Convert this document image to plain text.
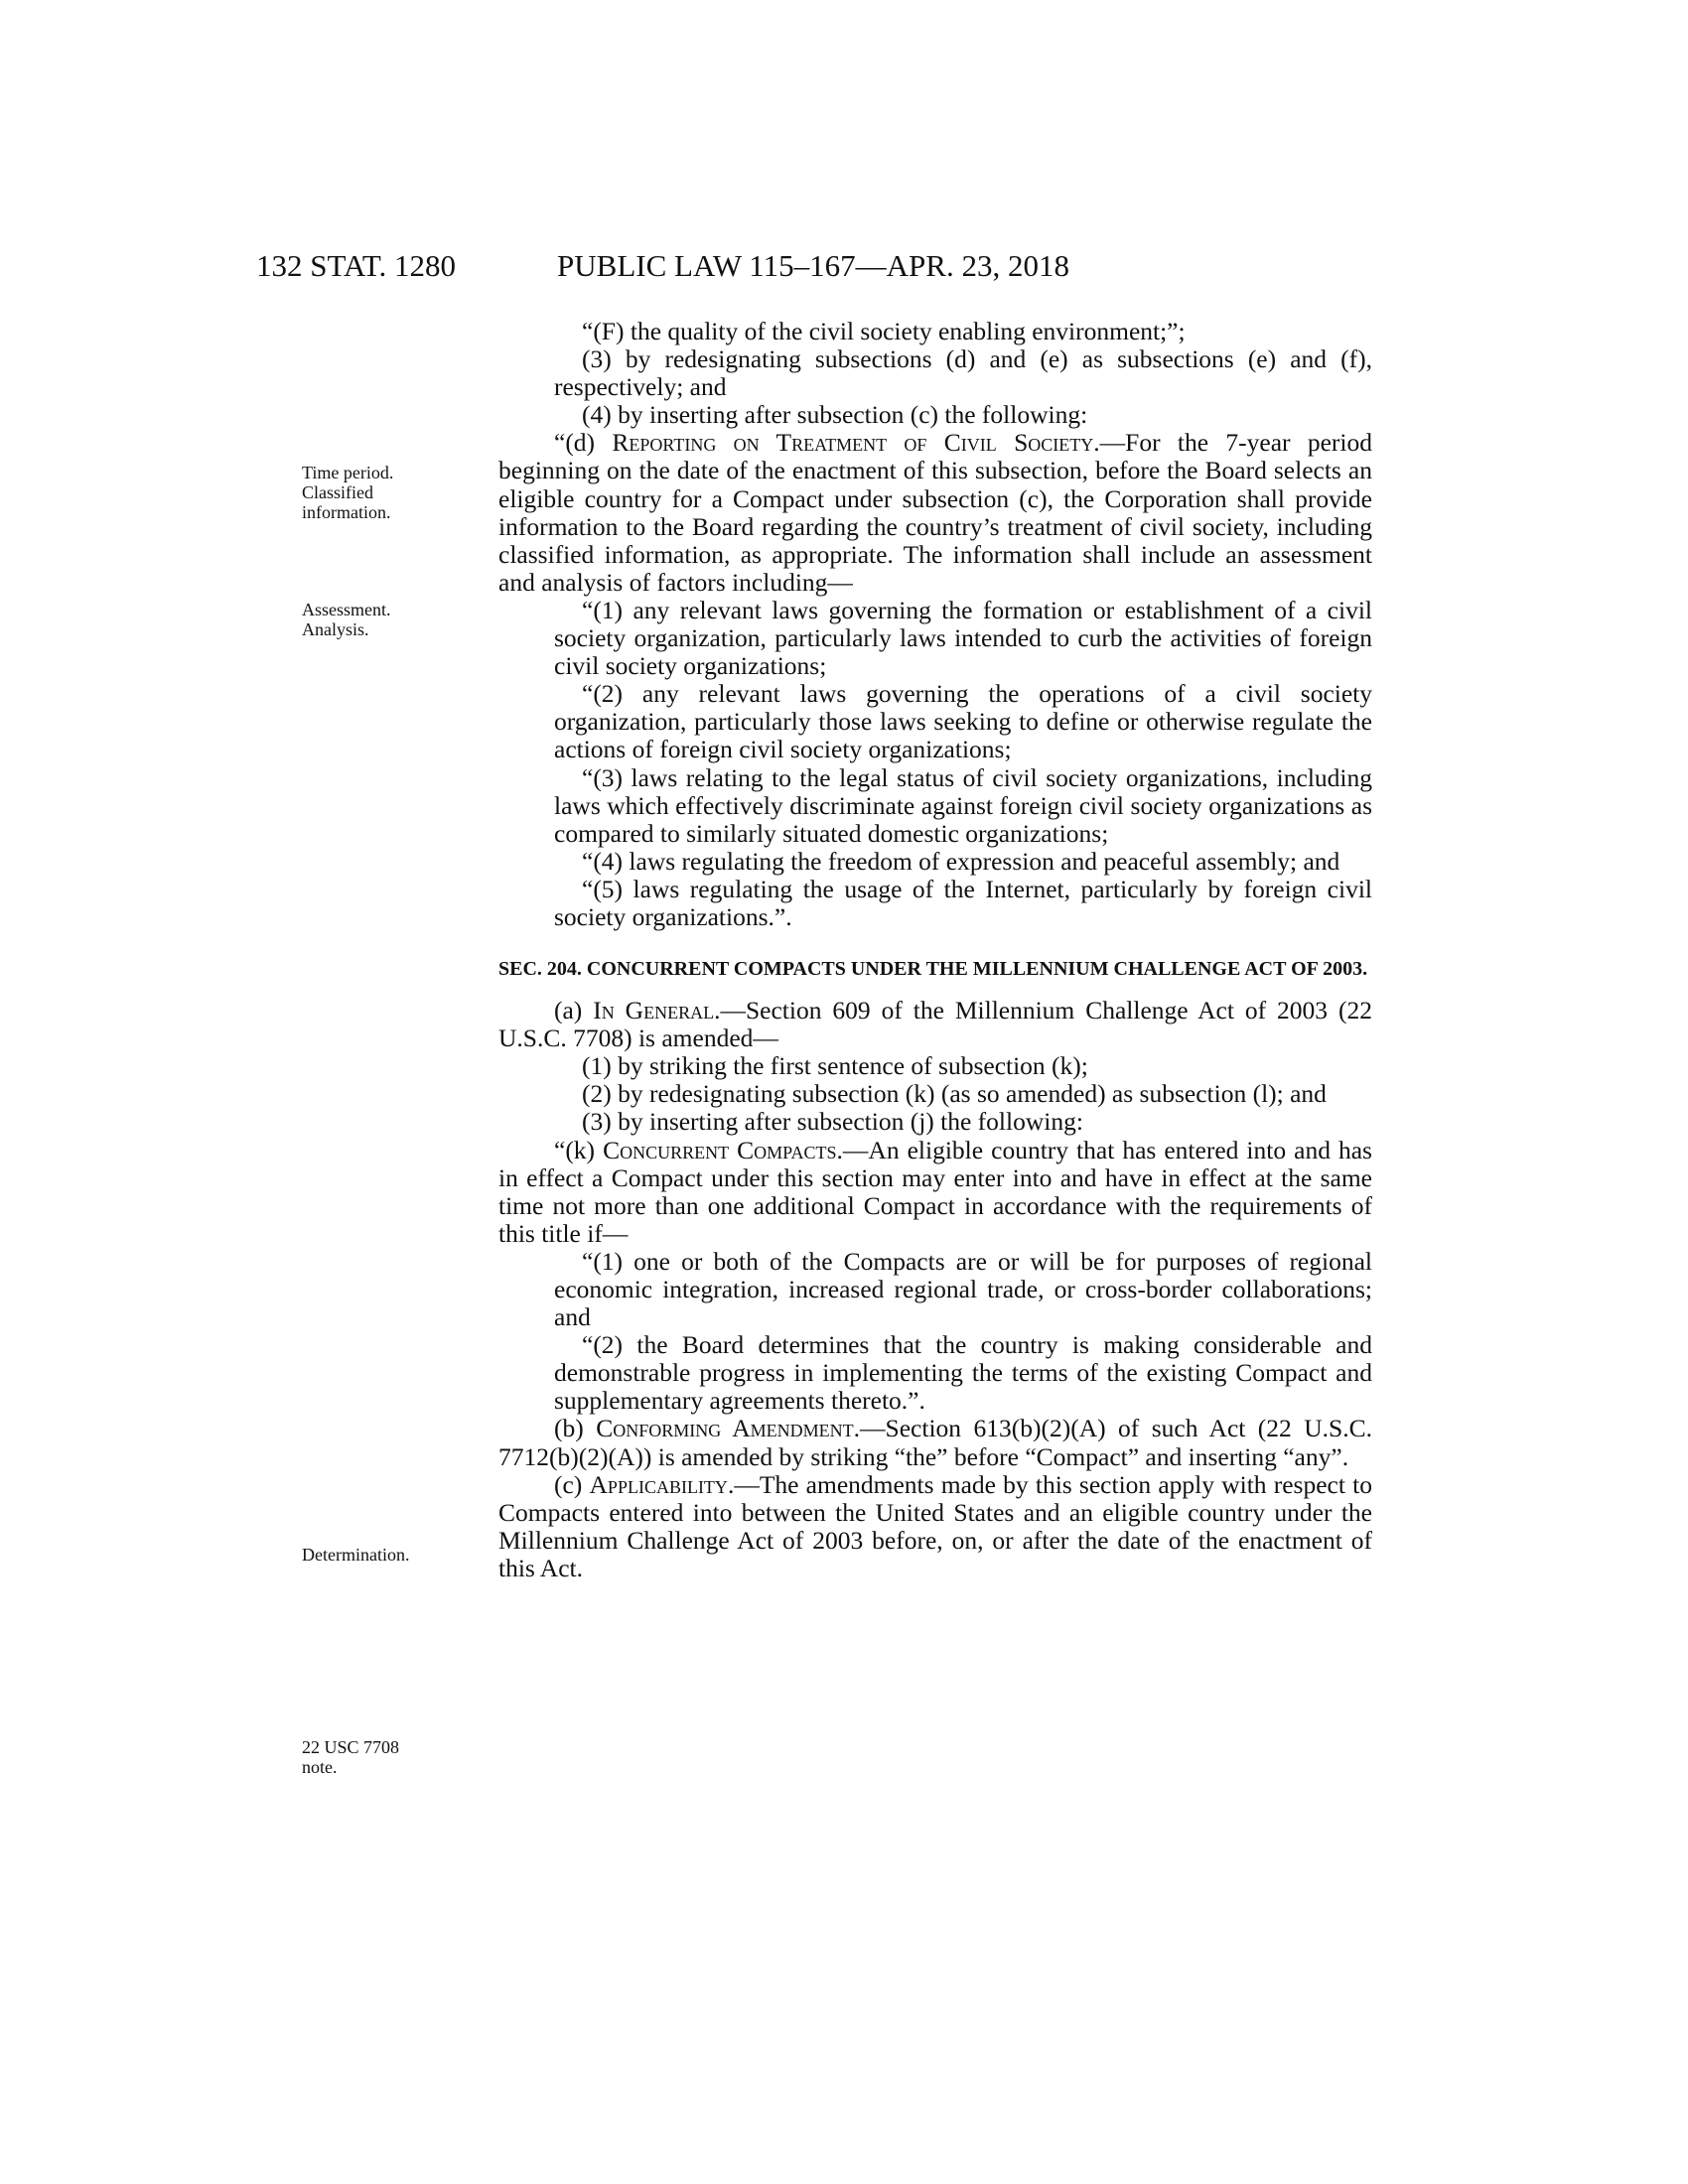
132 STAT. 1280	PUBLIC LAW 115–167—APR. 23, 2018
Time period.
Classified
information.
Assessment.
Analysis.
Determination.
22 USC 7708
note.

“(F) the quality of the civil society enabling environment;”;

(3) by redesignating subsections (d) and (e) as subsections (e) and (f), respectively; and

(4) by inserting after subsection (c) the following:

“(d) Reporting on Treatment of Civil Society.—For the 7-year period beginning on the date of the enactment of this subsection, before the Board selects an eligible country for a Compact under subsection (c), the Corporation shall provide information to the Board regarding the country’s treatment of civil society, including classified information, as appropriate. The information shall include an assessment and analysis of factors including—

“(1) any relevant laws governing the formation or establishment of a civil society organization, particularly laws intended to curb the activities of foreign civil society organizations;

“(2) any relevant laws governing the operations of a civil society organization, particularly those laws seeking to define or otherwise regulate the actions of foreign civil society organizations;

“(3) laws relating to the legal status of civil society organizations, including laws which effectively discriminate against foreign civil society organizations as compared to similarly situated domestic organizations;

“(4) laws regulating the freedom of expression and peaceful assembly; and

“(5) laws regulating the usage of the Internet, particularly by foreign civil society organizations.”.

SEC. 204. CONCURRENT COMPACTS UNDER THE MILLENNIUM CHALLENGE ACT OF 2003.

(a) In General.—Section 609 of the Millennium Challenge Act of 2003 (22 U.S.C. 7708) is amended—

(1) by striking the first sentence of subsection (k);

(2) by redesignating subsection (k) (as so amended) as subsection (l); and

(3) by inserting after subsection (j) the following:

“(k) Concurrent Compacts.—An eligible country that has entered into and has in effect a Compact under this section may enter into and have in effect at the same time not more than one additional Compact in accordance with the requirements of this title if—

“(1) one or both of the Compacts are or will be for purposes of regional economic integration, increased regional trade, or cross-border collaborations; and

“(2) the Board determines that the country is making considerable and demonstrable progress in implementing the terms of the existing Compact and supplementary agreements thereto.”.

(b) Conforming Amendment.—Section 613(b)(2)(A) of such Act (22 U.S.C. 7712(b)(2)(A)) is amended by striking “the” before “Compact” and inserting “any”.

(c) Applicability.—The amendments made by this section apply with respect to Compacts entered into between the United States and an eligible country under the Millennium Challenge Act of 2003 before, on, or after the date of the enactment of this Act.
